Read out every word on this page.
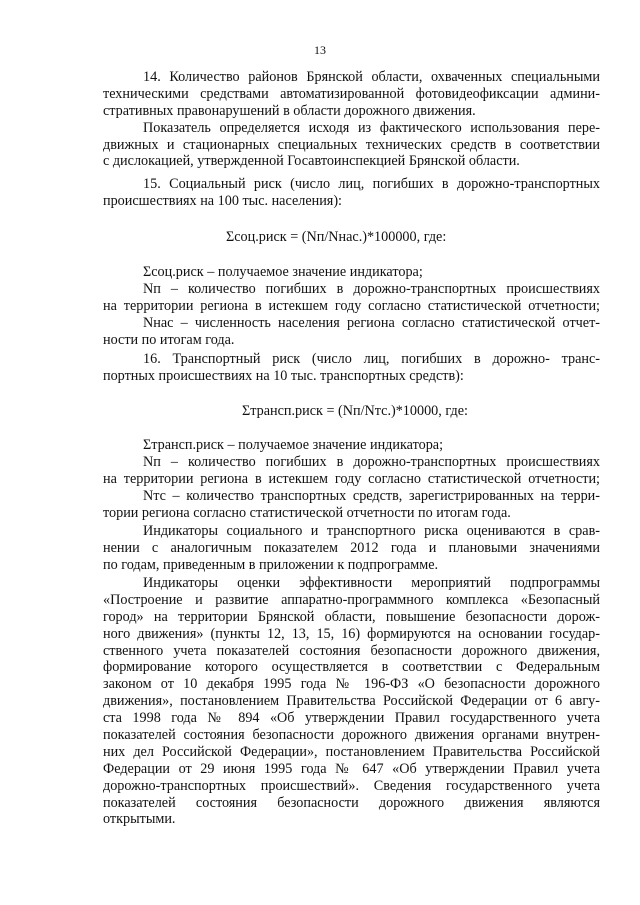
13
14. Количество районов Брянской области, охваченных специальными
техническими средствами автоматизированной фотовидеофиксации админи-
стративных правонарушений в области дорожного движения.
Показатель определяется исходя из фактического использования пере-
движных и стационарных специальных технических средств в соответствии
с дислокацией, утвержденной Госавтоинспекцией Брянской области.
15. Социальный риск (число лиц, погибших в дорожно-транспортных
происшествиях на 100 тыс. населения):
Σсоц.риск = (Nп/Nнас.)*100000, где:
Σсоц.риск – получаемое значение индикатора;
Nп – количество погибших в дорожно-транспортных происшествиях
на территории региона в истекшем году согласно статистической отчетности;
Nнас – численность населения региона согласно статистической отчет-
ности по итогам года.
16. Транспортный риск (число лиц, погибших в дорожно- транс-
портных происшествиях на 10 тыс. транспортных средств):
Σтрансп.риск = (Nп/Nтс.)*10000, где:
Σтрансп.риск – получаемое значение индикатора;
Nп – количество погибших в дорожно-транспортных происшествиях
на территории региона в истекшем году согласно статистической отчетности;
Nтс – количество транспортных средств, зарегистрированных на терри-
тории региона согласно статистической отчетности по итогам года.
Индикаторы социального и транспортного риска оцениваются в срав-
нении с аналогичным показателем 2012 года и плановыми значениями
по годам, приведенным в приложении к подпрограмме.
Индикаторы оценки эффективности мероприятий подпрограммы
«Построение и развитие аппаратно-программного комплекса «Безопасный
город» на территории Брянской области, повышение безопасности дорож-
ного движения» (пункты 12, 13, 15, 16) формируются на основании государ-
ственного учета показателей состояния безопасности дорожного движения,
формирование которого осуществляется в соответствии с Федеральным
законом от 10 декабря 1995 года № 196-ФЗ «О безопасности дорожного
движения», постановлением Правительства Российской Федерации от 6 авгу-
ста 1998 года № 894 «Об утверждении Правил государственного учета
показателей состояния безопасности дорожного движения органами внутрен-
них дел Российской Федерации», постановлением Правительства Российской
Федерации от 29 июня 1995 года № 647 «Об утверждении Правил учета
дорожно-транспортных происшествий». Сведения государственного учета
показателей состояния безопасности дорожного движения являются
открытыми.
